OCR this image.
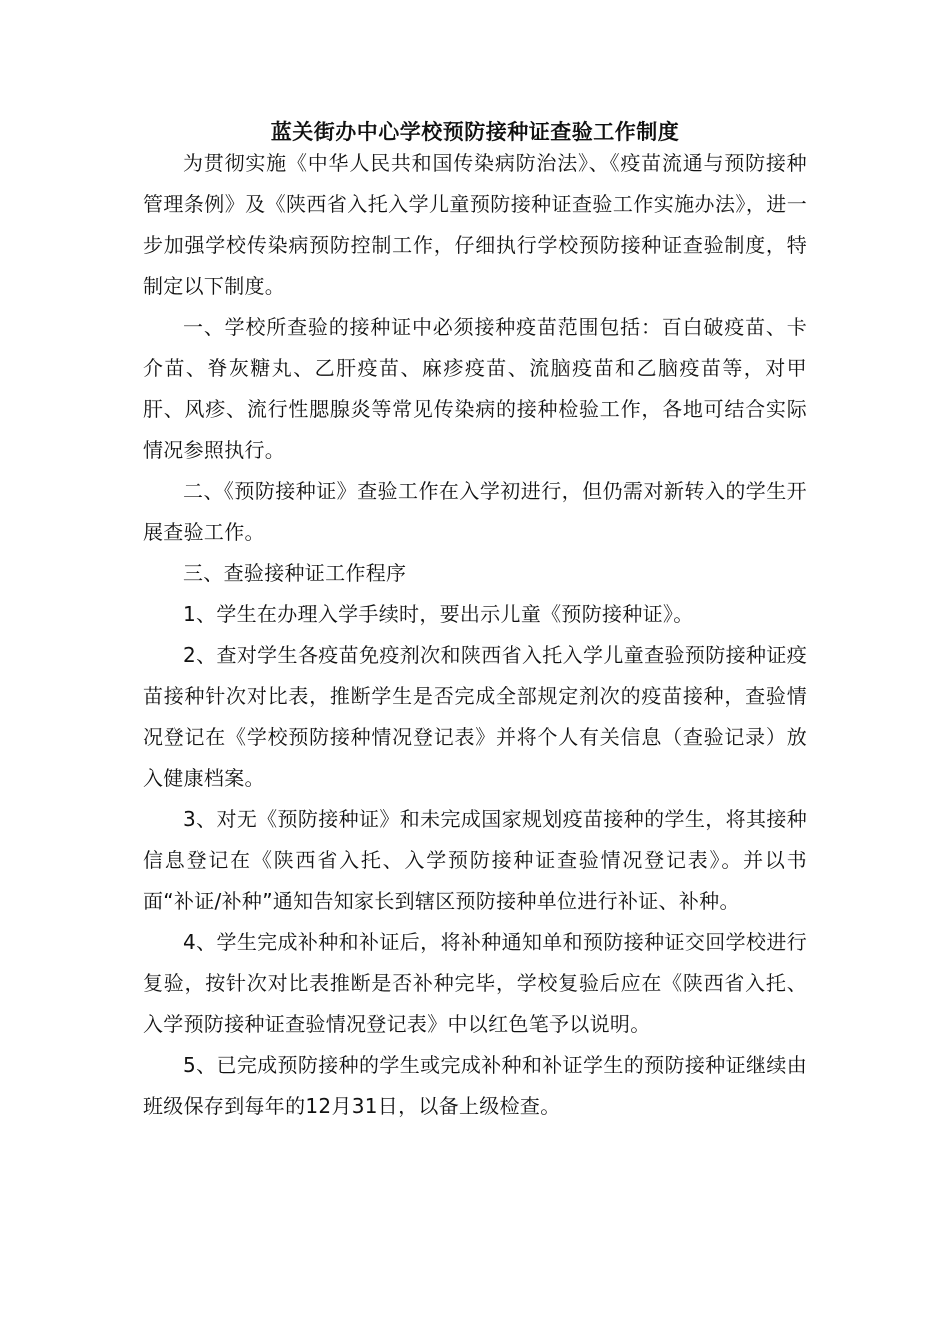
蓝关街办中心学校预防接种证查验工作制度

为贯彻实施《中华人民共和国传染病防治法》、《疫苗流通与预防接种管理条例》及《陕西省入托入学儿童预防接种证查验工作实施办法》，进一步加强学校传染病预防控制工作，仔细执行学校预防接种证查验制度，特制定以下制度。

一、学校所查验的接种证中必须接种疫苗范围包括：百白破疫苗、卡介苗、脊灰糖丸、乙肝疫苗、麻疹疫苗、流脑疫苗和乙脑疫苗等，对甲肝、风疹、流行性腮腺炎等常见传染病的接种检验工作，各地可结合实际情况参照执行。

二、《预防接种证》查验工作在入学初进行，但仍需对新转入的学生开展查验工作。

三、查验接种证工作程序

1、学生在办理入学手续时，要出示儿童《预防接种证》。

2、查对学生各疫苗免疫剂次和陕西省入托入学儿童查验预防接种证疫苗接种针次对比表，推断学生是否完成全部规定剂次的疫苗接种，查验情况登记在《学校预防接种情况登记表》并将个人有关信息（查验记录）放入健康档案。

3、对无《预防接种证》和未完成国家规划疫苗接种的学生，将其接种信息登记在《陕西省入托、入学预防接种证查验情况登记表》。并以书面“补证/补种”通知告知家长到辖区预防接种单位进行补证、补种。

4、学生完成补种和补证后，将补种通知单和预防接种证交回学校进行复验，按针次对比表推断是否补种完毕，学校复验后应在《陕西省入托、入学预防接种证查验情况登记表》中以红色笔予以说明。

5、已完成预防接种的学生或完成补种和补证学生的预防接种证继续由班级保存到每年的12月31日，以备上级检查。
